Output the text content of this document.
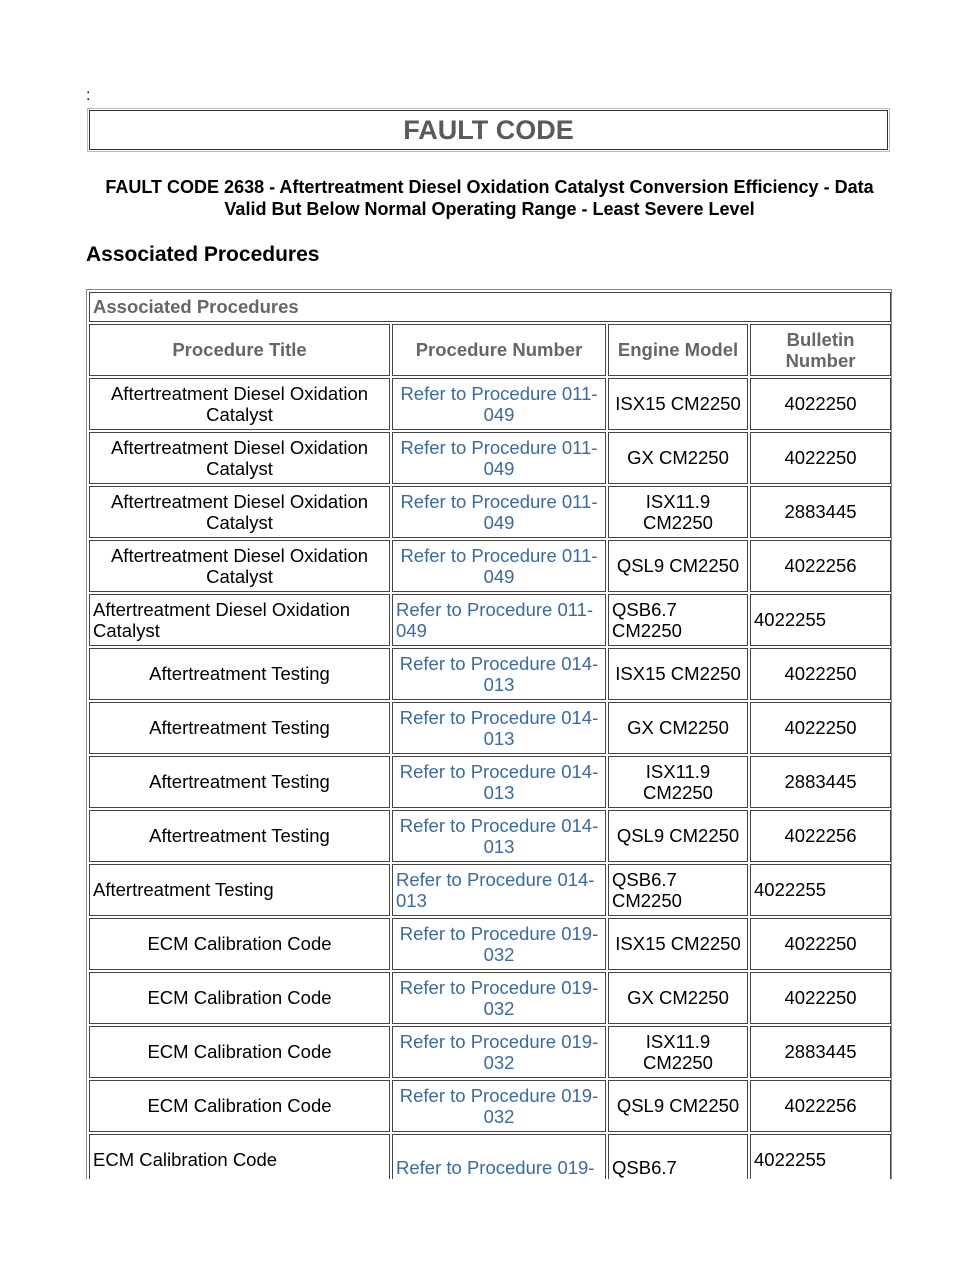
:
FAULT CODE
FAULT CODE 2638 - Aftertreatment Diesel Oxidation Catalyst Conversion Efficiency - Data Valid But Below Normal Operating Range - Least Severe Level
Associated Procedures
Associated Procedures			
Procedure Title	Procedure Number	Engine Model	Bulletin Number
Aftertreatment Diesel Oxidation Catalyst	Refer to Procedure 011-049	ISX15 CM2250	4022250
Aftertreatment Diesel Oxidation Catalyst	Refer to Procedure 011-049	GX CM2250	4022250
Aftertreatment Diesel Oxidation Catalyst	Refer to Procedure 011-049	ISX11.9 CM2250	2883445
Aftertreatment Diesel Oxidation Catalyst	Refer to Procedure 011-049	QSL9 CM2250	4022256
Aftertreatment Diesel Oxidation Catalyst	Refer to Procedure 011-049	QSB6.7 CM2250	4022255
Aftertreatment Testing	Refer to Procedure 014-013	ISX15 CM2250	4022250
Aftertreatment Testing	Refer to Procedure 014-013	GX CM2250	4022250
Aftertreatment Testing	Refer to Procedure 014-013	ISX11.9 CM2250	2883445
Aftertreatment Testing	Refer to Procedure 014-013	QSL9 CM2250	4022256
Aftertreatment Testing	Refer to Procedure 014-013	QSB6.7 CM2250	4022255
ECM Calibration Code	Refer to Procedure 019-032	ISX15 CM2250	4022250
ECM Calibration Code	Refer to Procedure 019-032	GX CM2250	4022250
ECM Calibration Code	Refer to Procedure 019-032	ISX11.9 CM2250	2883445
ECM Calibration Code	Refer to Procedure 019-032	QSL9 CM2250	4022256
ECM Calibration Code	Refer to Procedure 019-	QSB6.7	4022255
